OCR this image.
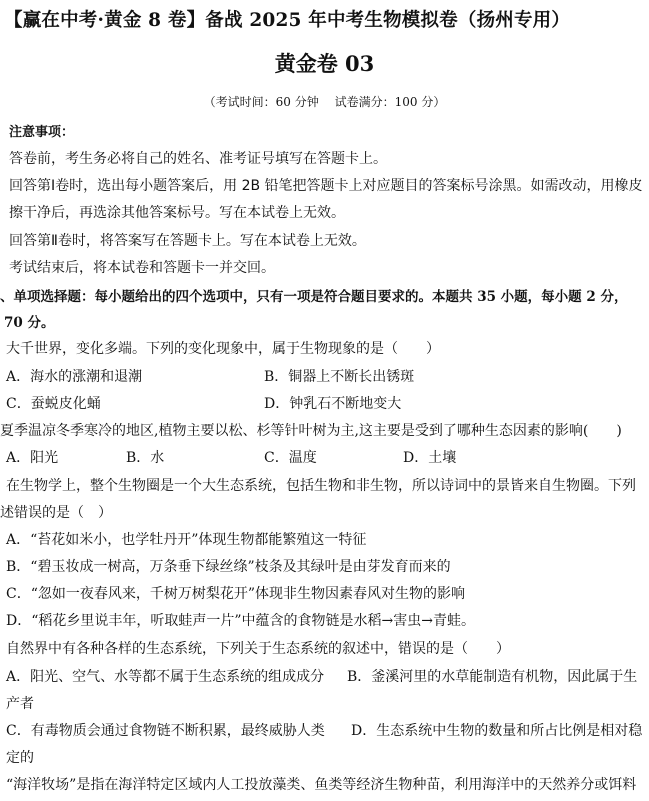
【赢在中考·黄金 8 卷】备战 2025 年中考生物模拟卷（扬州专用）
黄金卷 03
（考试时间：60 分钟 试卷满分：100 分）
注意事项：
答卷前，考生务必将自己的姓名、准考证号填写在答题卡上。
回答第Ⅰ卷时，选出每小题答案后，用 2B 铅笔把答题卡上对应题目的答案标号涂黑。如需改动，用橡皮
擦干净后，再选涂其他答案标号。写在本试卷上无效。
回答第Ⅱ卷时，将答案写在答题卡上。写在本试卷上无效。
考试结束后，将本试卷和答题卡一并交回。
、单项选择题：每小题给出的四个选项中，只有一项是符合题目要求的。本题共 35 小题，每小题 2 分，
70 分。
大千世界，变化多端。下列的变化现象中，属于生物现象的是（　　）
A．海水的涨潮和退潮	B．铜器上不断长出锈斑
C．蚕蜕皮化蛹	D．钟乳石不断地变大
夏季温凉冬季寒冷的地区,植物主要以松、杉等针叶树为主,这主要是受到了哪种生态因素的影响(　　)
A．阳光	B．水	C．温度	D．土壤
在生物学上，整个生物圈是一个大生态系统，包括生物和非生物，所以诗词中的景皆来自生物圈。下列
述错误的是（　）
A．“苔花如米小，也学牡丹开”体现生物都能繁殖这一特征
B．“碧玉妆成一树高，万条垂下绿丝绦”枝条及其绿叶是由芽发育而来的
C．“忽如一夜春风来，千树万树梨花开”体现非生物因素春风对生物的影响
D．“稻花乡里说丰年，听取蛙声一片”中蕴含的食物链是水稻→害虫→青蛙。
自然界中有各种各样的生态系统，下列关于生态系统的叙述中，错误的是（　　）
A．阳光、空气、水等都不属于生态系统的组成成分 B．釜溪河里的水草能制造有机物，因此属于生
产者
C．有毒物质会通过食物链不断积累，最终威胁人类 D．生态系统中生物的数量和所占比例是相对稳
定的
“海洋牧场”是指在海洋特定区域内人工投放藻类、鱼类等经济生物种苗，利用海洋中的天然养分或饵料
